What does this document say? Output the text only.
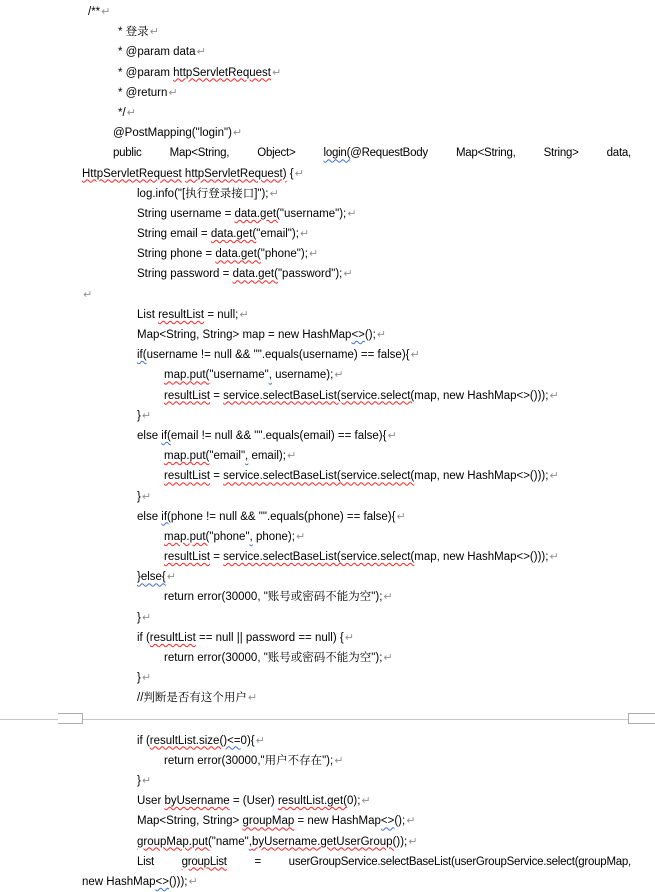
/**↵
* 登录↵
* @param data↵
* @param httpServletRequest↵
* @return↵
*/↵
@PostMapping("login")↵
public Map<String, Object> login(@RequestBody Map<String, String> data,
HttpServletRequest httpServletRequest) {↵
log.info("[执行登录接口]");↵
String username = data.get("username");↵
String email = data.get("email");↵
String phone = data.get("phone");↵
String password = data.get("password");↵
↵
List resultList = null;↵
Map<String, String> map = new HashMap<>();↵
if(username != null && "".equals(username) == false){↵
map.put("username", username);↵
resultList = service.selectBaseList(service.select(map, new HashMap<>()));↵
}↵
else if(email != null && "".equals(email) == false){↵
map.put("email", email);↵
resultList = service.selectBaseList(service.select(map, new HashMap<>()));↵
}↵
else if(phone != null && "".equals(phone) == false){↵
map.put("phone", phone);↵
resultList = service.selectBaseList(service.select(map, new HashMap<>()));↵
}else{↵
return error(30000, "账号或密码不能为空");↵
}↵
if (resultList == null || password == null) {↵
return error(30000, "账号或密码不能为空");↵
}↵
//判断是否有这个用户↵
if (resultList.size()<=0){↵
return error(30000,"用户不存在");↵
}↵
User byUsername = (User) resultList.get(0);↵
Map<String, String> groupMap = new HashMap<>();↵
groupMap.put("name",byUsername.getUserGroup());↵
List groupList = userGroupService.selectBaseList(userGroupService.select(groupMap,
new HashMap<>()));↵
